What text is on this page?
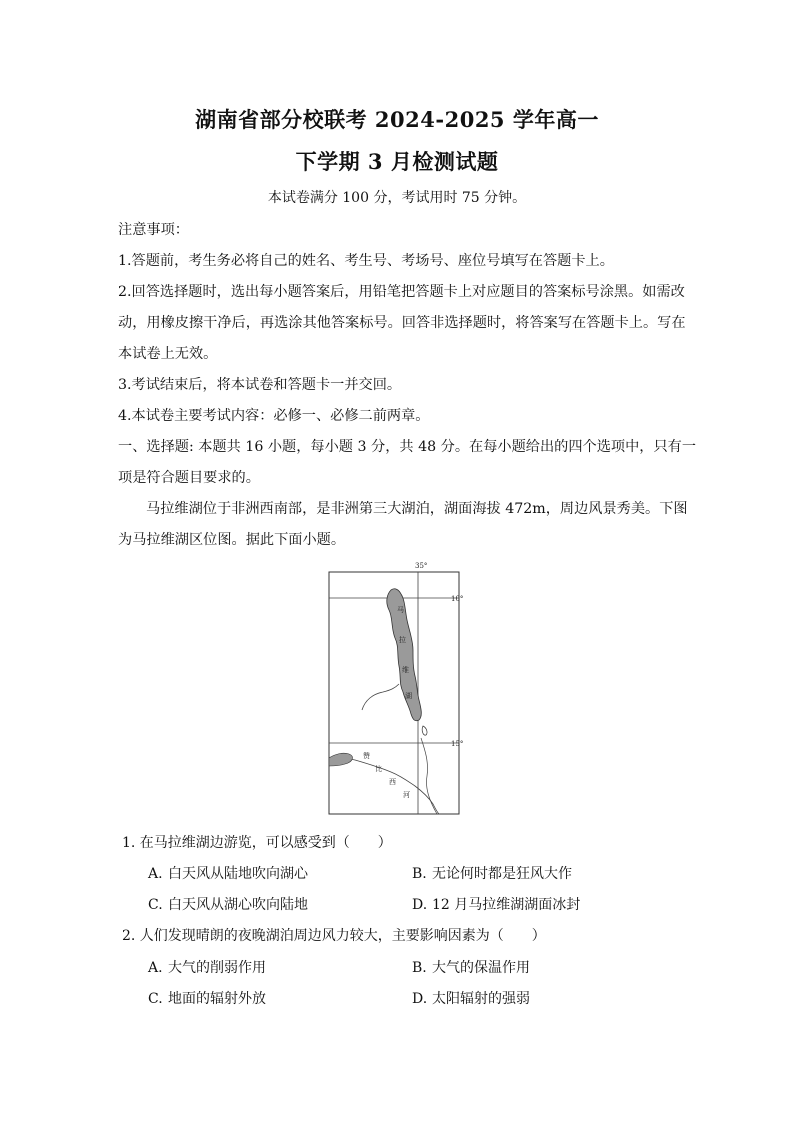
湖南省部分校联考 2024-2025 学年高一
下学期 3 月检测试题
本试卷满分 100 分，考试用时 75 分钟。
注意事项：
1.答题前，考生务必将自己的姓名、考生号、考场号、座位号填写在答题卡上。
2.回答选择题时，选出每小题答案后，用铅笔把答题卡上对应题目的答案标号涂黑。如需改
动，用橡皮擦干净后，再选涂其他答案标号。回答非选择题时，将答案写在答题卡上。写在
本试卷上无效。
3.考试结束后，将本试卷和答题卡一并交回。
4.本试卷主要考试内容：必修一、必修二前两章。
一、选择题: 本题共 16 小题，每小题 3 分，共 48 分。在每小题给出的四个选项中，只有一
项是符合题目要求的。
马拉维湖位于非洲西南部，是非洲第三大湖泊，湖面海拔 472m，周边风景秀美。下图
为马拉维湖区位图。据此下面小题。
35°
10°
15°
马
拉
维
湖
赞
比
西
河
1. 在马拉维湖边游览，可以感受到（　　）
A. 白天风从陆地吹向湖心	B. 无论何时都是狂风大作
C. 白天风从湖心吹向陆地	D. 12 月马拉维湖湖面冰封
2. 人们发现晴朗的夜晚湖泊周边风力较大，主要影响因素为（　　）
A. 大气的削弱作用	B. 大气的保温作用
C. 地面的辐射外放	D. 太阳辐射的强弱
